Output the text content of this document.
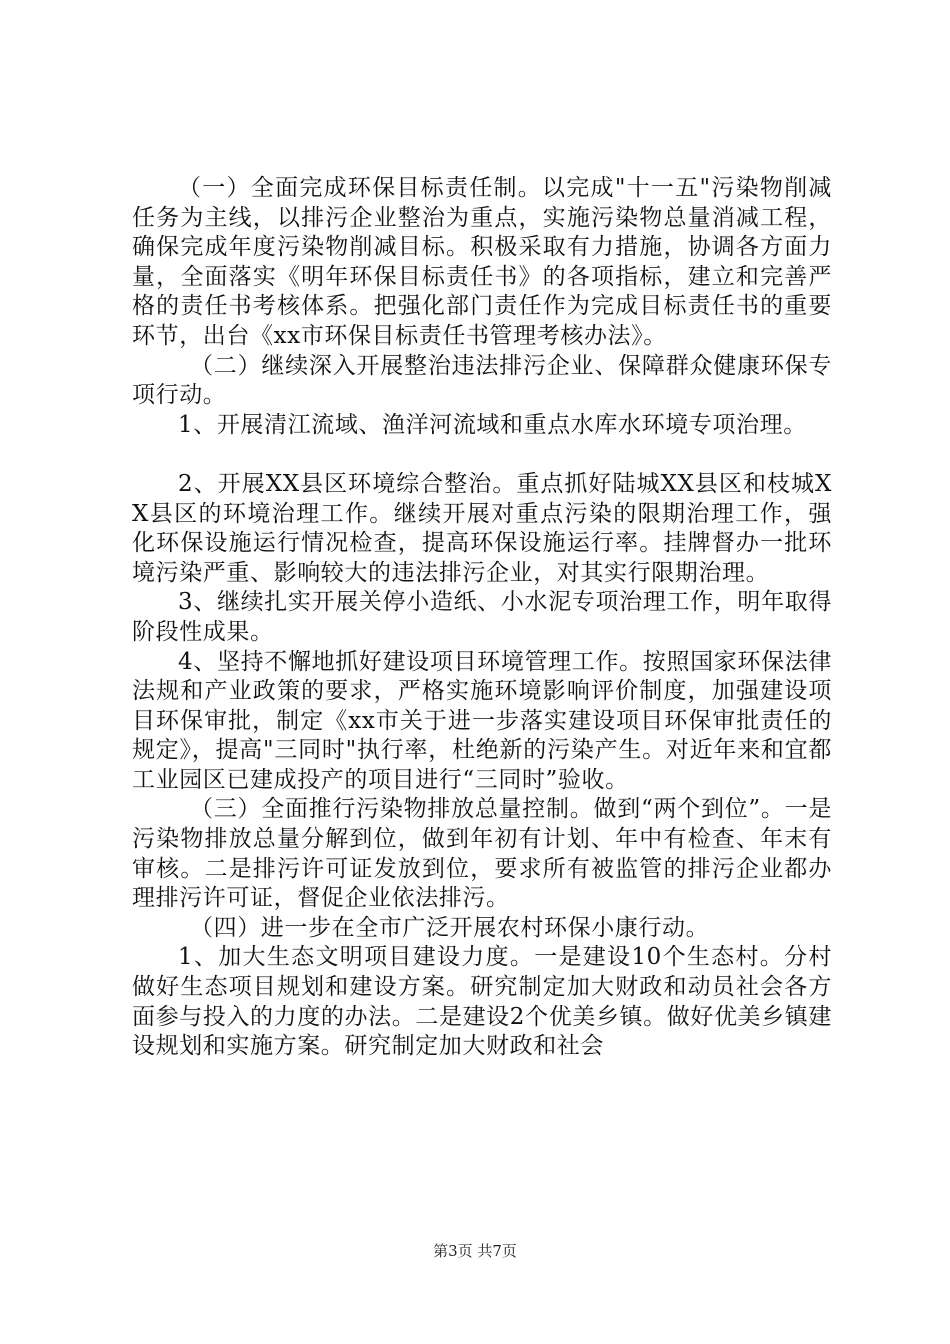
（一）全面完成环保目标责任制。以完成"十一五"污染物削减任务为主线，以排污企业整治为重点，实施污染物总量消减工程，确保完成年度污染物削减目标。积极采取有力措施，协调各方面力量，全面落实《明年环保目标责任书》的各项指标，建立和完善严格的责任书考核体系。把强化部门责任作为完成目标责任书的重要环节，出台《xx市环保目标责任书管理考核办法》。

（二）继续深入开展整治违法排污企业、保障群众健康环保专项行动。

1、开展清江流域、渔洋河流域和重点水库水环境专项治理。

2、开展XX县区环境综合整治。重点抓好陆城XX县区和枝城XX县区的环境治理工作。继续开展对重点污染的限期治理工作，强化环保设施运行情况检查，提高环保设施运行率。挂牌督办一批环境污染严重、影响较大的违法排污企业，对其实行限期治理。

3、继续扎实开展关停小造纸、小水泥专项治理工作，明年取得阶段性成果。

4、坚持不懈地抓好建设项目环境管理工作。按照国家环保法律法规和产业政策的要求，严格实施环境影响评价制度，加强建设项目环保审批，制定《xx市关于进一步落实建设项目环保审批责任的规定》，提高"三同时"执行率，杜绝新的污染产生。对近年来和宜都工业园区已建成投产的项目进行“三同时”验收。

（三）全面推行污染物排放总量控制。做到“两个到位”。一是污染物排放总量分解到位，做到年初有计划、年中有检查、年末有审核。二是排污许可证发放到位，要求所有被监管的排污企业都办理排污许可证，督促企业依法排污。

（四）进一步在全市广泛开展农村环保小康行动。

1、加大生态文明项目建设力度。一是建设10个生态村。分村做好生态项目规划和建设方案。研究制定加大财政和动员社会各方面参与投入的力度的办法。二是建设2个优美乡镇。做好优美乡镇建设规划和实施方案。研究制定加大财政和社会

第3页 共7页
